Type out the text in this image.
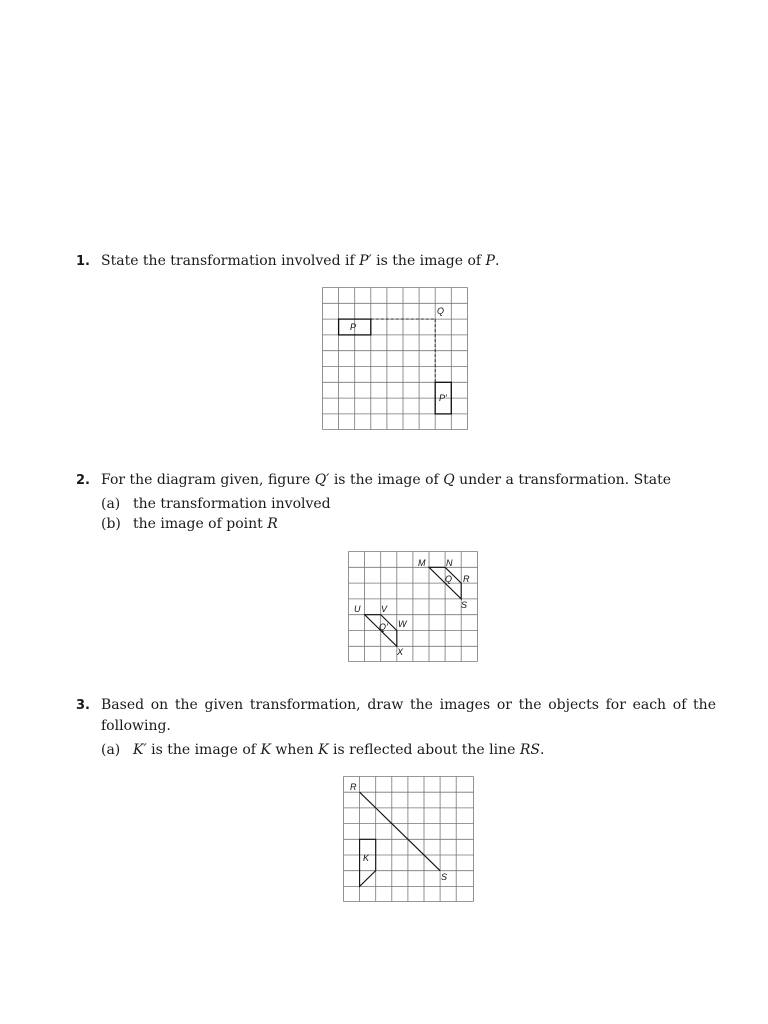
1. State the transformation involved if P′ is the image of P.
Q
P
P′
2. For the diagram given, figure Q′ is the image of Q under a transformation. State
(a) the transformation involved
(b) the image of point R
M N
Q R
S
U V
Q′ W
X
3. Based on the given transformation, draw the images or the objects for each of the following.
(a) K′ is the image of K when K is reflected about the line RS.
R
K
S
